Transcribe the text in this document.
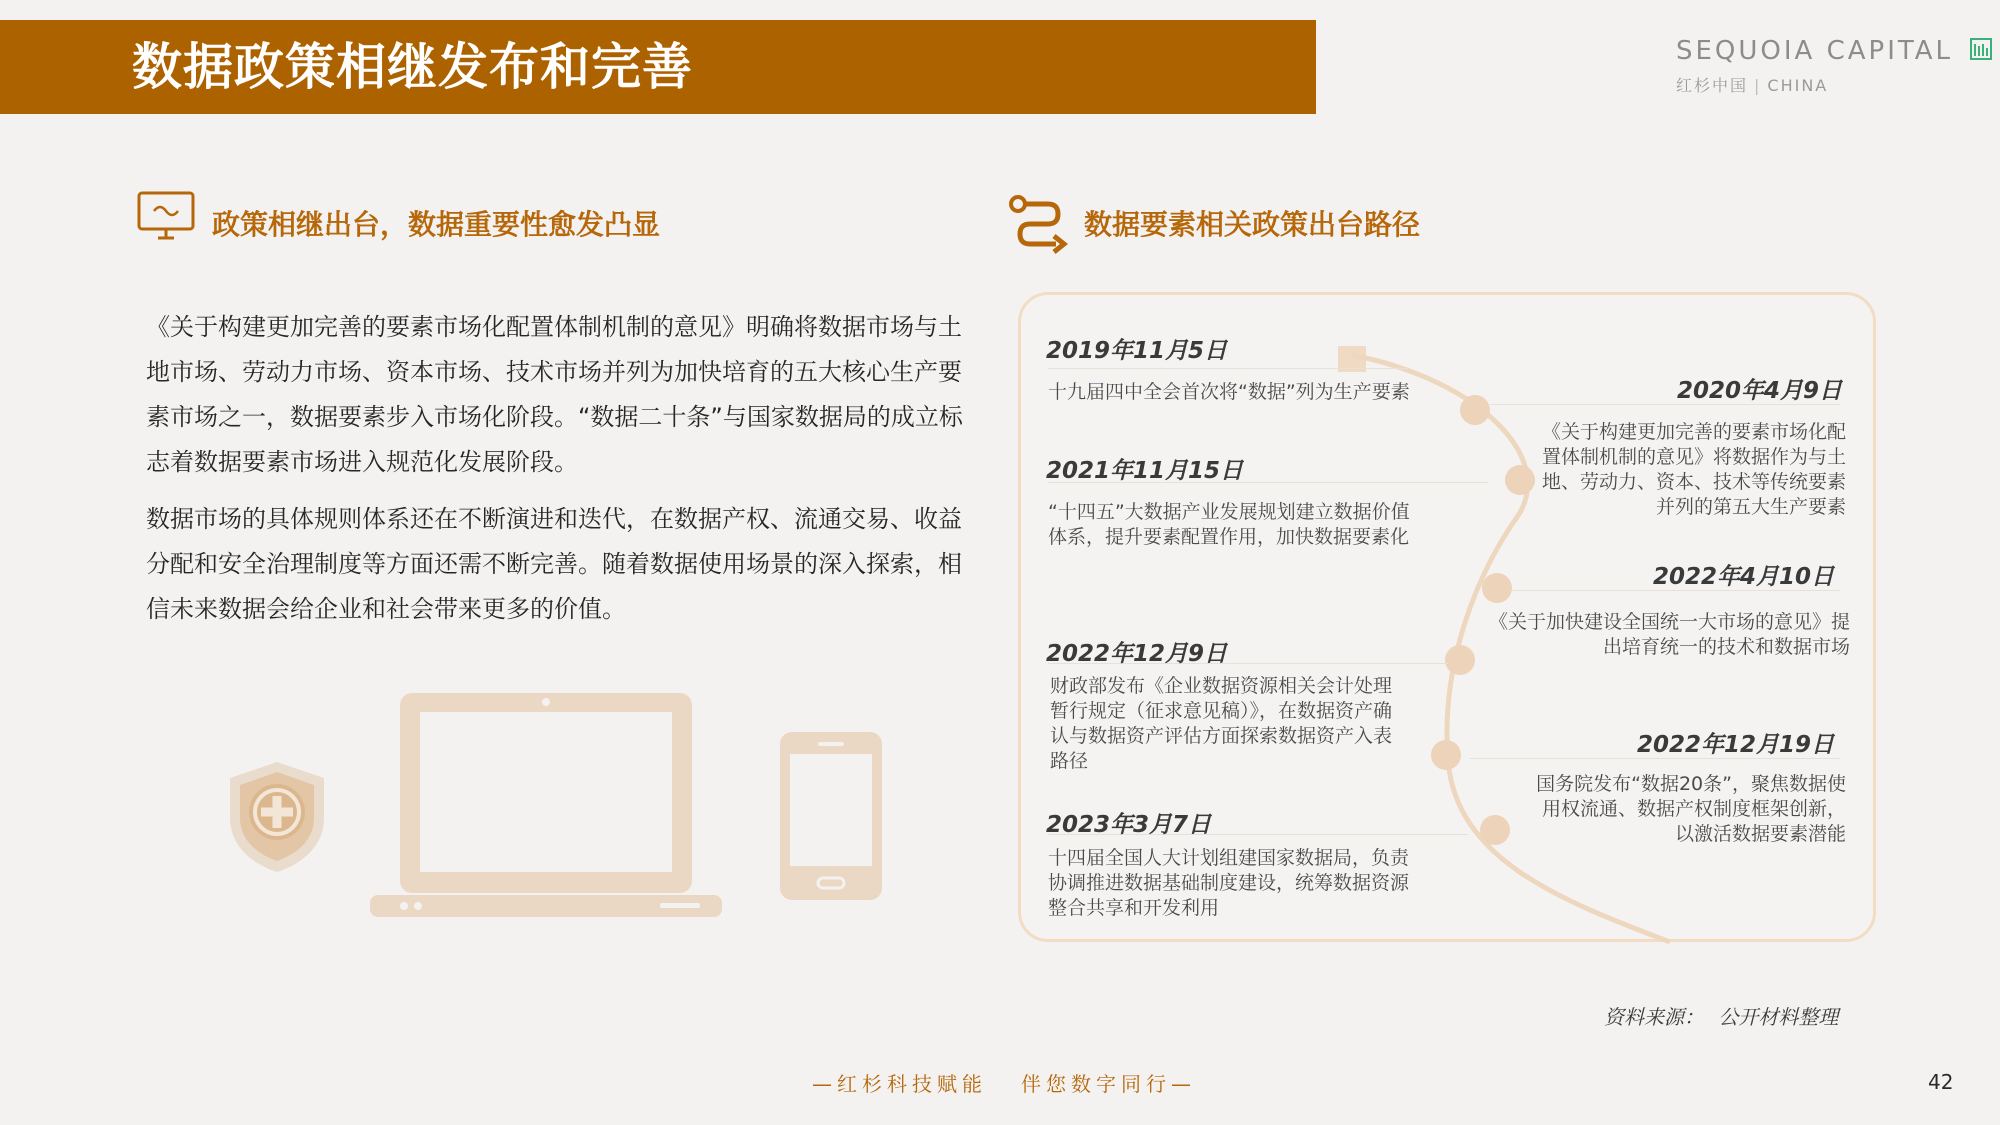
数据政策相继发布和完善	SEQUOIA CAPITAL
红杉中国 | CHINA
政策相继出台，数据重要性愈发凸显
《关于构建更加完善的要素市场化配置体制机制的意见》明确将数据市场与土地市场、劳动力市场、资本市场、技术市场并列为加快培育的五大核心生产要素市场之一，数据要素步入市场化阶段。“数据二十条”与国家数据局的成立标志着数据要素市场进入规范化发展阶段。
数据市场的具体规则体系还在不断演进和迭代，在数据产权、流通交易、收益分配和安全治理制度等方面还需不断完善。随着数据使用场景的深入探索，相信未来数据会给企业和社会带来更多的价值。
数据要素相关政策出台路径
2019年11月5日
十九届四中全会首次将“数据”列为生产要素
2021年11月15日
“十四五”大数据产业发展规划建立数据价值体系，提升要素配置作用，加快数据要素化
2022年12月9日
财政部发布《企业数据资源相关会计处理暂行规定（征求意见稿）》，在数据资产确认与数据资产评估方面探索数据资产入表路径
2023年3月7日
十四届全国人大计划组建国家数据局，负责协调推进数据基础制度建设，统筹数据资源整合共享和开发利用
2020年4月9日
《关于构建更加完善的要素市场化配置体制机制的意见》将数据作为与土地、劳动力、资本、技术等传统要素并列的第五大生产要素
2022年4月10日
《关于加快建设全国统一大市场的意见》提出培育统一的技术和数据市场
2022年12月19日
国务院发布“数据20条”，聚焦数据使用权流通、数据产权制度框架创新，以激活数据要素潜能
资料来源： 公开材料整理
—红杉科技赋能 伴您数字同行—	42
